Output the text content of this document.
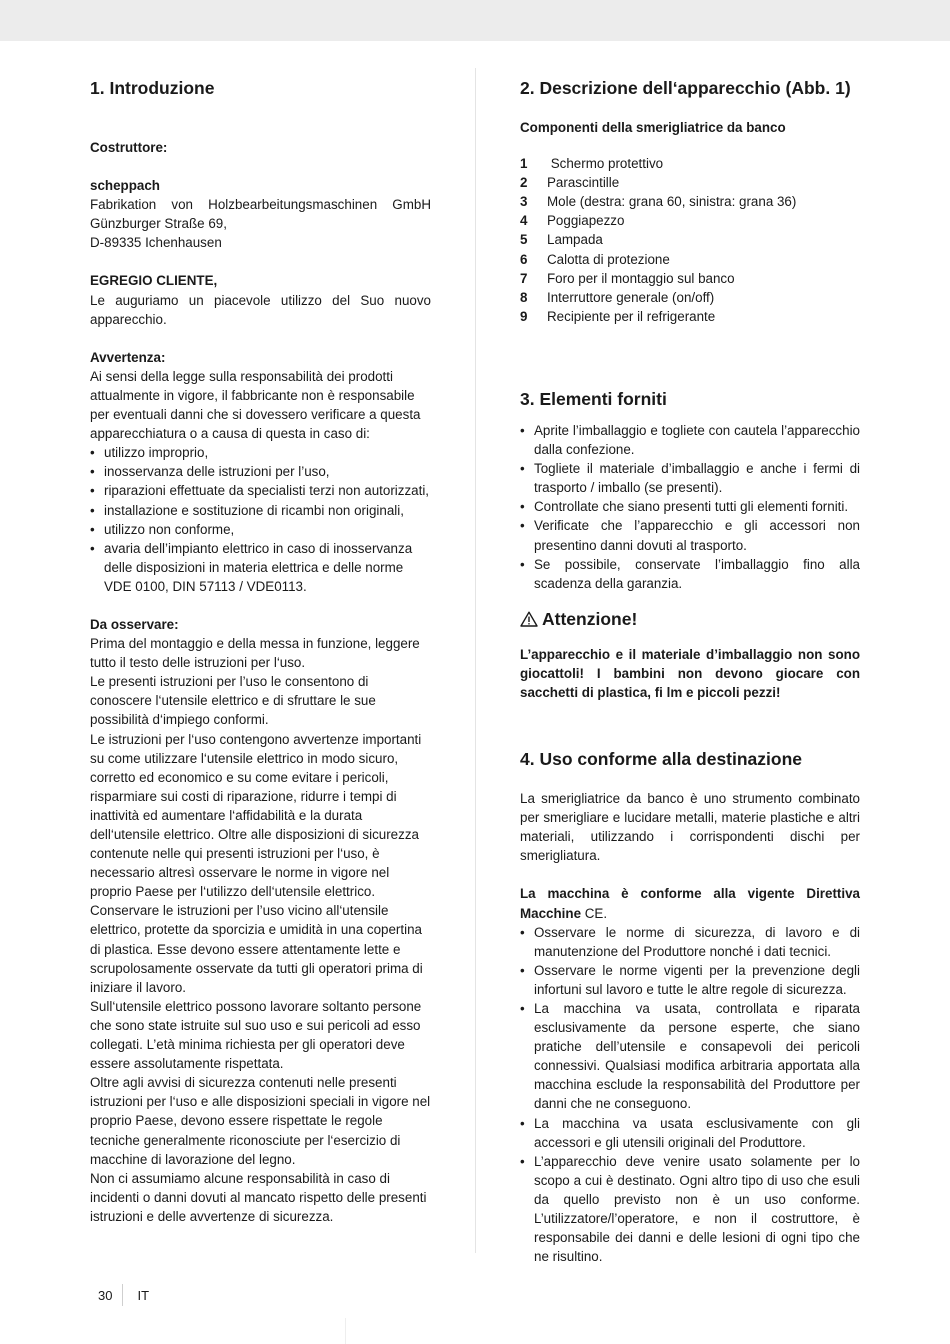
1. Introduzione

Costruttore:

scheppach

Fabrikation von Holzbearbeitungsmaschinen GmbH

Günzburger Straße 69,

D-89335 Ichenhausen

EGREGIO CLIENTE,

Le auguriamo un piacevole utilizzo del Suo nuovo apparecchio.

Avvertenza:

Ai sensi della legge sulla responsabilità dei prodotti attualmente in vigore, il fabbricante non è responsabile per eventuali danni che si dovessero verificare a questa apparecchiatura o a causa di questa in caso di:

• utilizzo improprio,
• inosservanza delle istruzioni per l’uso,
• riparazioni effettuate da specialisti terzi non autorizzati,
• installazione e sostituzione di ricambi non originali,
• utilizzo non conforme,
• avaria dell’impianto elettrico in caso di inosservanza delle disposizioni in materia elettrica e delle norme VDE 0100, DIN 57113 / VDE0113.

Da osservare:

Prima del montaggio e della messa in funzione, leggere tutto il testo delle istruzioni per l‘uso.

Le presenti istruzioni per l’uso le consentono di conoscere l‘utensile elettrico e di sfruttare le sue possibilità d‘impiego conformi.

Le istruzioni per l‘uso contengono avvertenze importanti su come utilizzare l‘utensile elettrico in modo sicuro, corretto ed economico e su come evitare i pericoli, risparmiare sui costi di riparazione, ridurre i tempi di inattività ed aumentare l‘affidabilità e la durata dell‘utensile elettrico. Oltre alle disposizioni di sicurezza contenute nelle qui presenti istruzioni per l‘uso, è necessario altresì osservare le norme in vigore nel proprio Paese per l‘utilizzo dell‘utensile elettrico.

Conservare le istruzioni per l’uso vicino all‘utensile elettrico, protette da sporcizia e umidità in una copertina di plastica. Esse devono essere attentamente lette e scrupolosamente osservate da tutti gli operatori prima di iniziare il lavoro.

Sull‘utensile elettrico possono lavorare soltanto persone che sono state istruite sul suo uso e sui pericoli ad esso collegati. L’età minima richiesta per gli operatori deve essere assolutamente rispettata.

Oltre agli avvisi di sicurezza contenuti nelle presenti istruzioni per l‘uso e alle disposizioni speciali in vigore nel proprio Paese, devono essere rispettate le regole tecniche generalmente riconosciute per l‘esercizio di macchine di lavorazione del legno.

Non ci assumiamo alcune responsabilità in caso di incidenti o danni dovuti al mancato rispetto delle presenti istruzioni e delle avvertenze di sicurezza.

2. Descrizione dell‘apparecchio (Abb. 1)

Componenti della smerigliatrice da banco

1	Schermo protettivo
2	Parascintille
3	Mole (destra: grana 60, sinistra: grana 36)
4	Poggiapezzo
5	Lampada
6	Calotta di protezione
7	Foro per il montaggio sul banco
8	Interruttore generale (on/off)
9	Recipiente per il refrigerante
3. Elementi forniti
• Aprite l’imballaggio e togliete con cautela l’apparecchio dalla confezione.
• Togliete il materiale d’imballaggio e anche i fermi di trasporto / imballo (se presenti).
• Controllate che siano presenti tutti gli elementi forniti.
• Verificate che l’apparecchio e gli accessori non presentino danni dovuti al trasporto.
• Se possibile, conservate l’imballaggio fino alla scadenza della garanzia.
Attenzione!

L’apparecchio e il materiale d’imballaggio non sono giocattoli! I bambini non devono giocare con sacchetti di plastica, fi lm e piccoli pezzi!

4. Uso conforme alla destinazione

La smerigliatrice da banco è uno strumento combinato per smerigliare e lucidare metalli, materie plastiche e altri materiali, utilizzando i corrispondenti dischi per smerigliatura.

La macchina è conforme alla vigente Direttiva Macchine CE.

• Osservare le norme di sicurezza, di lavoro e di manutenzione del Produttore nonché i dati tecnici.
• Osservare le norme vigenti per la prevenzione degli infortuni sul lavoro e tutte le altre regole di sicurezza.
• La macchina va usata, controllata e riparata esclusivamente da persone esperte, che siano pratiche dell’utensile e consapevoli dei pericoli connessivi. Qualsiasi modifica arbitraria apportata alla macchina esclude la responsabilità del Produttore per danni che ne conseguono.
• La macchina va usata esclusivamente con gli accessori e gli utensili originali del Produttore.
• L’apparecchio deve venire usato solamente per lo scopo a cui è destinato. Ogni altro tipo di uso che esuli da quello previsto non è un uso conforme. L’utilizzatore/l’operatore, e non il costruttore, è responsabile dei danni e delle lesioni di ogni tipo che ne risultino.
30 IT
